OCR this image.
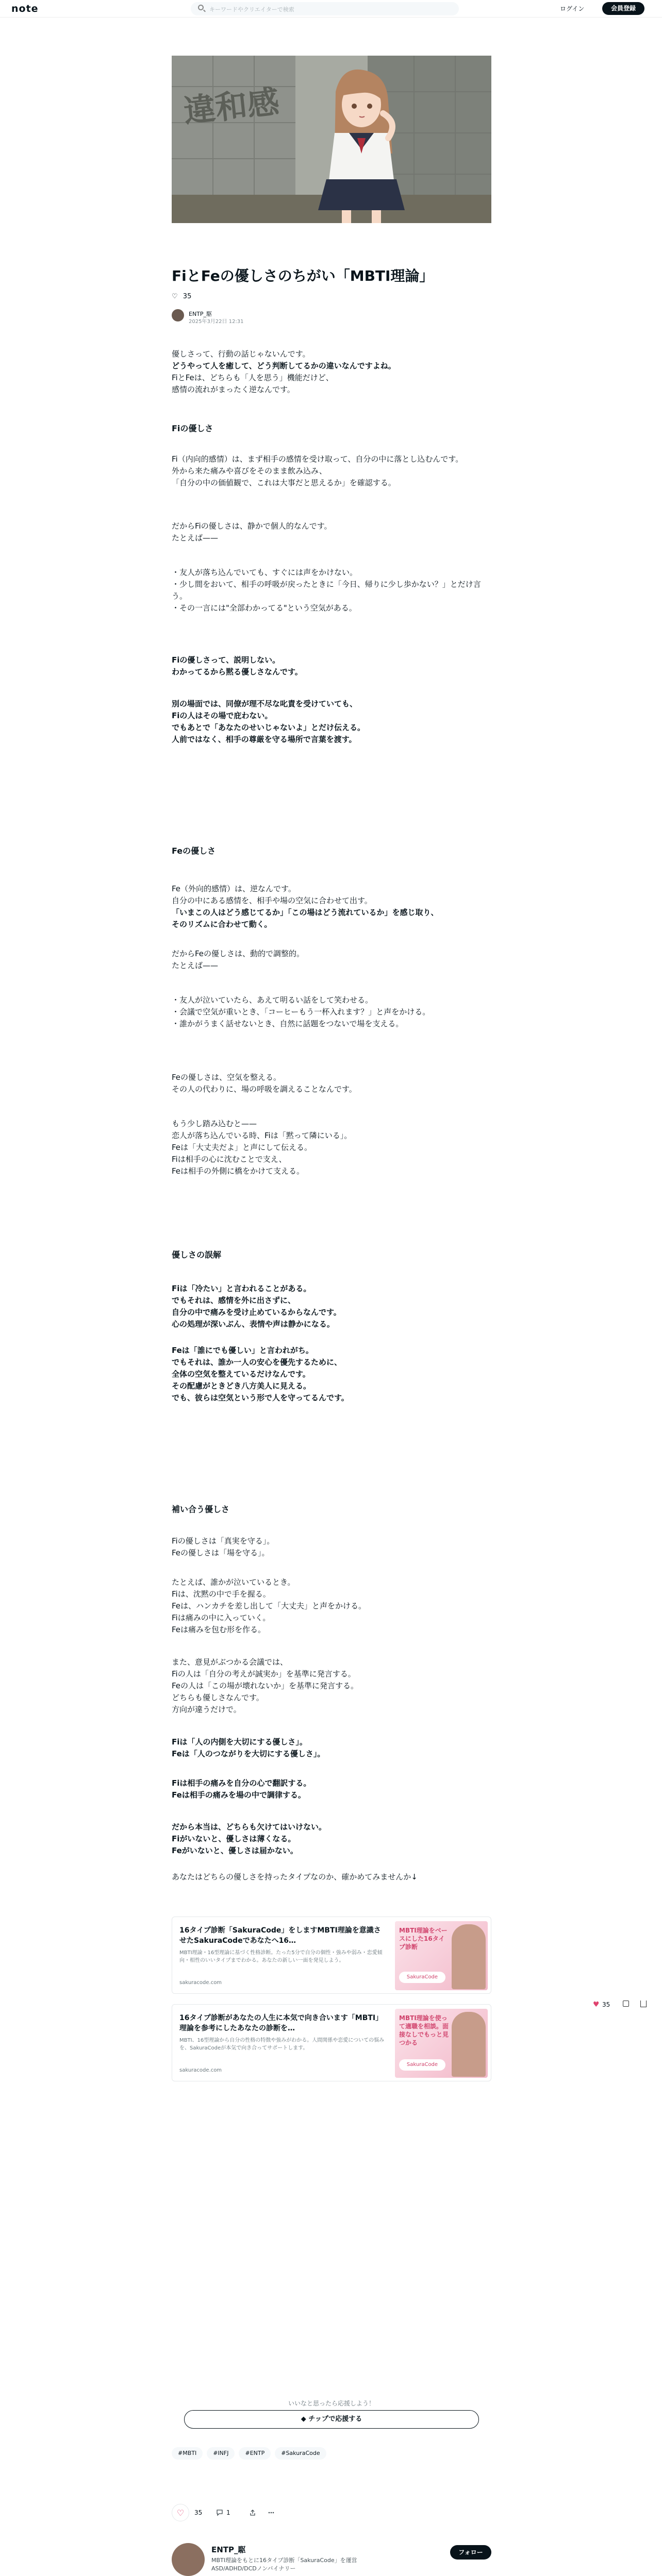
note	キーワードやクリエイターで検索	ログイン	会員登録
違和感
FiとFeの優しさのちがい「MBTI理論」
♡ 35
ENTP_駆
2025年3月22日 12:31
優しさって、行動の話じゃないんです。
どうやって人を癒して、どう判断してるかの違いなんですよね。
FiとFeは、どちらも「人を思う」機能だけど、
感情の流れがまったく逆なんです。
Fiの優しさ
Fi（内向的感情）は、まず相手の感情を受け取って、自分の中に落とし込むんです。
外から来た痛みや喜びをそのまま飲み込み、
「自分の中の価値観で、これは大事だと思えるか」を確認する。
だからFiの優しさは、静かで個人的なんです。
たとえば——
・友人が落ち込んでいても、すぐには声をかけない。
・少し間をおいて、相手の呼吸が戻ったときに「今日、帰りに少し歩かない？」とだけ言う。
・その一言には"全部わかってる"という空気がある。
Fiの優しさって、説明しない。
わかってるから黙る優しさなんです。
別の場面では、同僚が理不尽な叱責を受けていても、
Fiの人はその場で庇わない。
でもあとで「あなたのせいじゃないよ」とだけ伝える。
人前ではなく、相手の尊厳を守る場所で言葉を渡す。
Feの優しさ
Fe（外向的感情）は、逆なんです。
自分の中にある感情を、相手や場の空気に合わせて出す。
「いまこの人はどう感じてるか」「この場はどう流れているか」を感じ取り、
そのリズムに合わせて動く。
だからFeの優しさは、動的で調整的。
たとえば——
・友人が泣いていたら、あえて明るい話をして笑わせる。
・会議で空気が重いとき、「コーヒーもう一杯入れます？」と声をかける。
・誰かがうまく話せないとき、自然に話題をつないで場を支える。
Feの優しさは、空気を整える。
その人の代わりに、場の呼吸を調えることなんです。
もう少し踏み込むと——
恋人が落ち込んでいる時、Fiは「黙って隣にいる」。
Feは「大丈夫だよ」と声にして伝える。
Fiは相手の心に沈むことで支え、
Feは相手の外側に橋をかけて支える。
優しさの誤解
Fiは「冷たい」と言われることがある。
でもそれは、感情を外に出さずに、
自分の中で痛みを受け止めているからなんです。
心の処理が深いぶん、表情や声は静かになる。
Feは「誰にでも優しい」と言われがち。
でもそれは、誰か一人の安心を優先するために、
全体の空気を整えているだけなんです。
その配慮がときどき八方美人に見える。
でも、彼らは空気という形で人を守ってるんです。
補い合う優しさ
Fiの優しさは「真実を守る」。
Feの優しさは「場を守る」。
たとえば、誰かが泣いているとき。
Fiは、沈黙の中で手を握る。
Feは、ハンカチを差し出して「大丈夫」と声をかける。
Fiは痛みの中に入っていく。
Feは痛みを包む形を作る。
また、意見がぶつかる会議では、
Fiの人は「自分の考えが誠実か」を基準に発言する。
Feの人は「この場が壊れないか」を基準に発言する。
どちらも優しさなんです。
方向が違うだけで。
Fiは「人の内側を大切にする優しさ」。
Feは「人のつながりを大切にする優しさ」。
Fiは相手の痛みを自分の心で翻訳する。
Feは相手の痛みを場の中で調律する。
だから本当は、どちらも欠けてはいけない。
Fiがいないと、優しさは薄くなる。
Feがいないと、優しさは届かない。
あなたはどちらの優しさを持ったタイプなのか、確かめてみませんか↓
♥ 35
16タイプ診断「SakuraCode」をしますMBTI理論を意識させたSakuraCodeであなたへ16…
MBTI理論・16型理論に基づく性格診断。たった5分で自分の個性・強みや弱み・恋愛傾向・相性のいいタイプまでわかる。あなたの新しい一面を発見しよう。
sakuracode.com
MBTI理論をベースにした16タイプ診断
SakuraCode
16タイプ診断があなたの人生に本気で向き合います「MBTI」理論を参考にしたあなたの診断を…
MBTI、16型理論から自分の性格の特徴や強みがわかる。人間関係や恋愛についての悩みを、SakuraCodeが本気で向き合ってサポートします。
sakuracode.com
MBTI理論を使って適職を相談。面接なしでもっと見つかる
SakuraCode
いいなと思ったら応援しよう！
◆ チップで応援する
#MBTI	#INFJ	#ENTP	#SakuraCode
♡	35	1
ENTP_駆
MBTI理論をもとに16タイプ診断「SakuraCode」を運営
ASD/ADHD/DCDノンバイナリー
フォロー
